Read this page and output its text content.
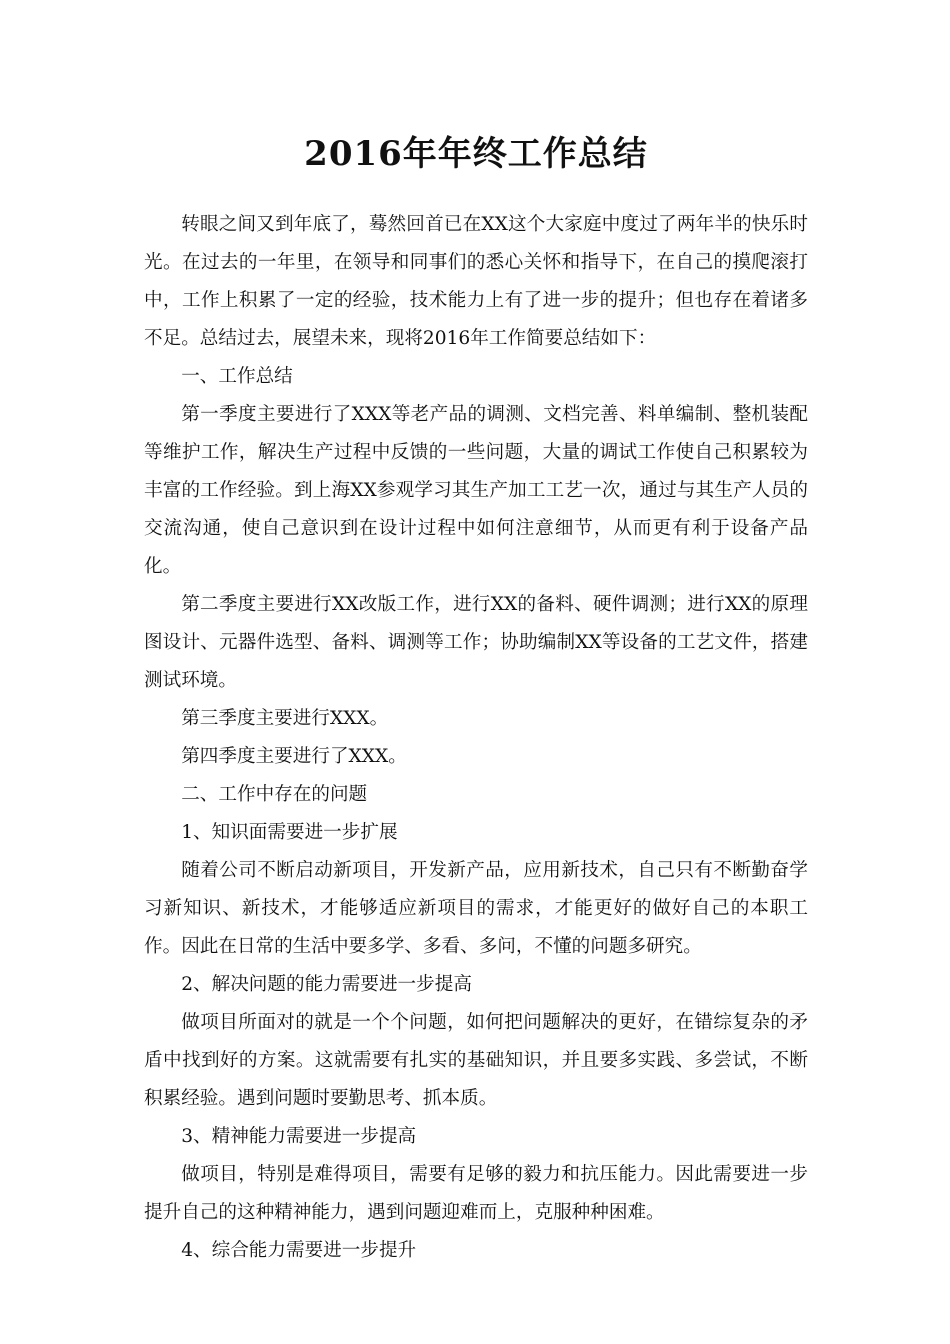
2016年年终工作总结

转眼之间又到年底了，蓦然回首已在XX这个大家庭中度过了两年半的快乐时光。在过去的一年里，在领导和同事们的悉心关怀和指导下，在自己的摸爬滚打中，工作上积累了一定的经验，技术能力上有了进一步的提升；但也存在着诸多不足。总结过去，展望未来，现将2016年工作简要总结如下：

一、工作总结

第一季度主要进行了XXX等老产品的调测、文档完善、料单编制、整机装配等维护工作，解决生产过程中反馈的一些问题，大量的调试工作使自己积累较为丰富的工作经验。到上海XX参观学习其生产加工工艺一次，通过与其生产人员的交流沟通，使自己意识到在设计过程中如何注意细节，从而更有利于设备产品化。

第二季度主要进行XX改版工作，进行XX的备料、硬件调测；进行XX的原理图设计、元器件选型、备料、调测等工作；协助编制XX等设备的工艺文件，搭建测试环境。

第三季度主要进行XXX。

第四季度主要进行了XXX。

二、工作中存在的问题

1、知识面需要进一步扩展

随着公司不断启动新项目，开发新产品，应用新技术，自己只有不断勤奋学习新知识、新技术，才能够适应新项目的需求，才能更好的做好自己的本职工作。因此在日常的生活中要多学、多看、多问，不懂的问题多研究。

2、解决问题的能力需要进一步提高

做项目所面对的就是一个个问题，如何把问题解决的更好，在错综复杂的矛盾中找到好的方案。这就需要有扎实的基础知识，并且要多实践、多尝试，不断积累经验。遇到问题时要勤思考、抓本质。

3、精神能力需要进一步提高

做项目，特别是难得项目，需要有足够的毅力和抗压能力。因此需要进一步提升自己的这种精神能力，遇到问题迎难而上，克服种种困难。

4、综合能力需要进一步提升
